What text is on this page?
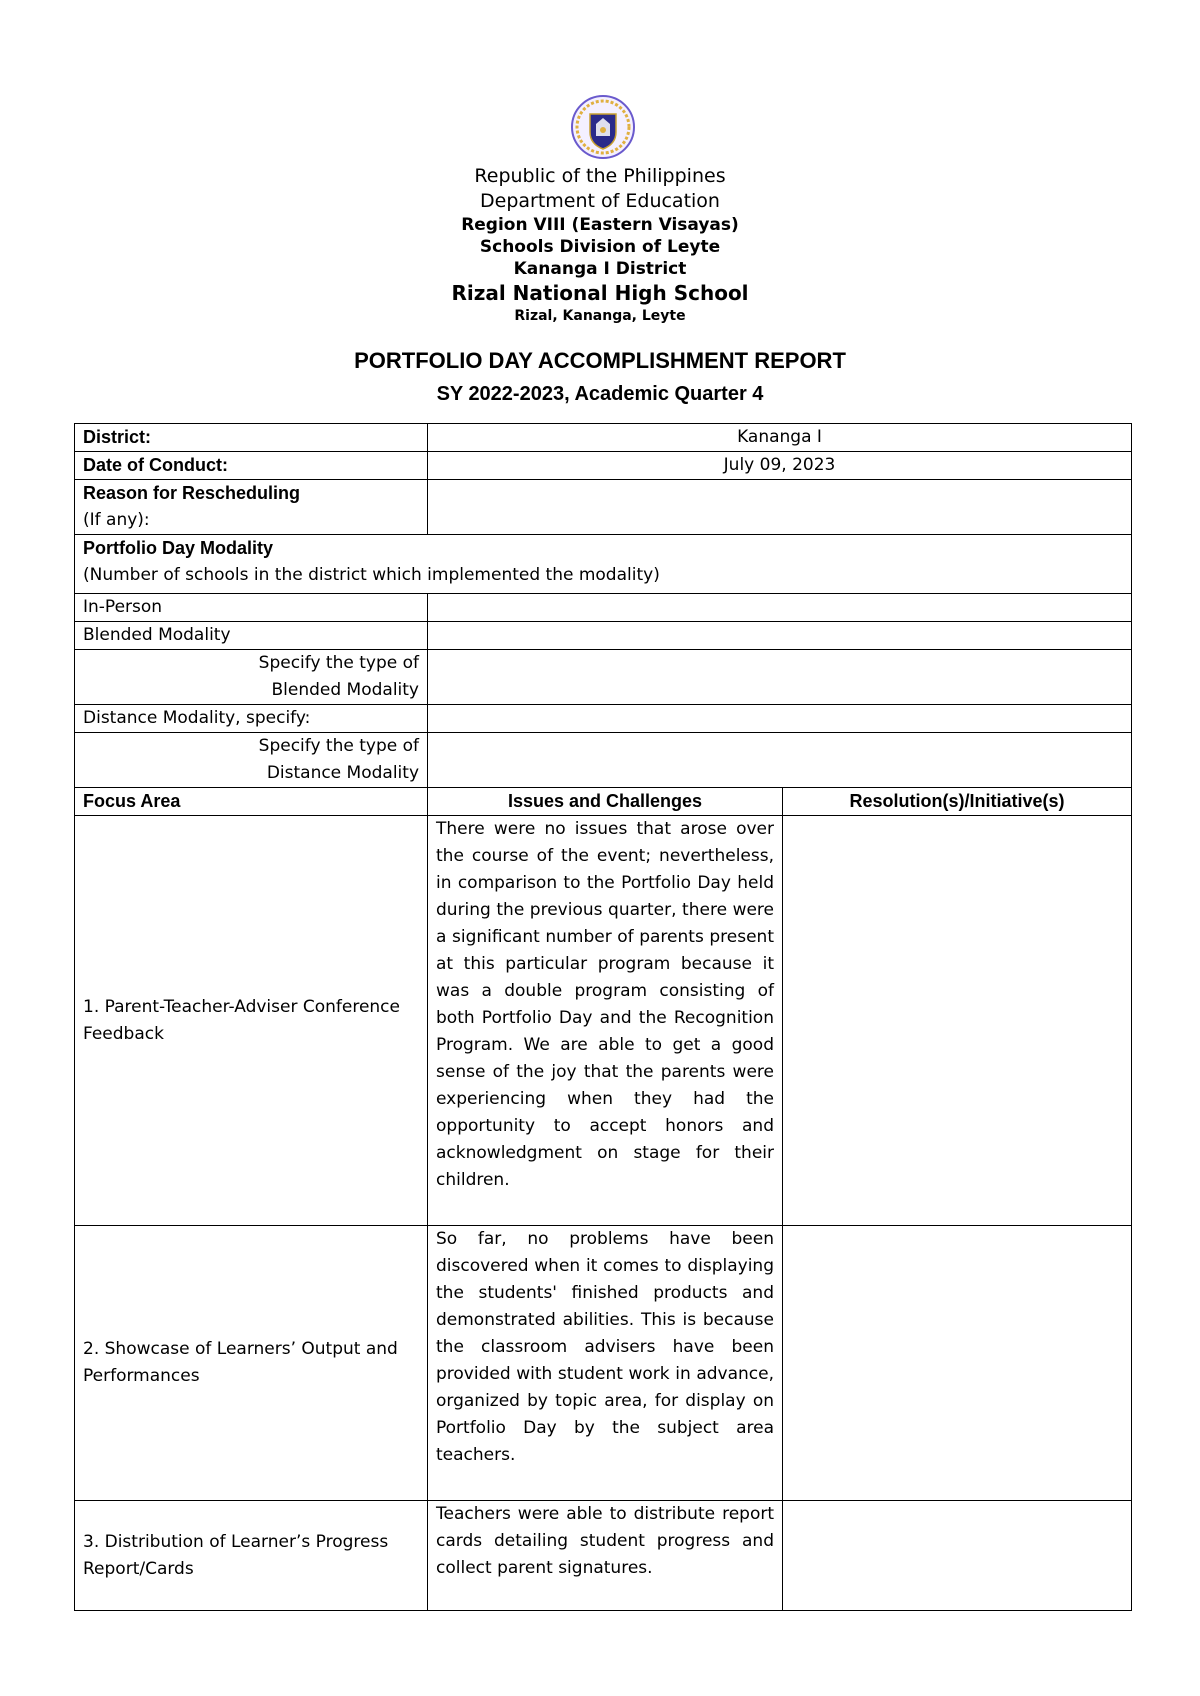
Republic of the Philippines
Department of Education
Region VIII (Eastern Visayas)
Schools Division of Leyte
Kananga I District
Rizal National High School
Rizal, Kananga, Leyte
PORTFOLIO DAY ACCOMPLISHMENT REPORT
SY 2022-2023, Academic Quarter 4
District:	Kananga I	
Date of Conduct:	July 09, 2023	

Reason for Rescheduling
(If any):		

Portfolio Day Modality
(Number of schools in the district which implemented the modality)		

In-Person		
Blended Modality		

Specify the type of
Blended Modality		

Distance Modality, specify:		

Specify the type of
Distance Modality		

Focus Area	Issues and Challenges	Resolution(s)/Initiative(s)
1. Parent-Teacher-Adviser Conference Feedback	There were no issues that arose over the course of the event; nevertheless, in comparison to the Portfolio Day held during the previous quarter, there were a significant number of parents present at this particular program because it was a double program consisting of both Portfolio Day and the Recognition Program. We are able to get a good sense of the joy that the parents were experiencing when they had the opportunity to accept honors and acknowledgment on stage for their children.	
2. Showcase of Learners’ Output and Performances	So far, no problems have been discovered when it comes to displaying the students' finished products and demonstrated abilities. This is because the classroom advisers have been provided with student work in advance, organized by topic area, for display on Portfolio Day by the subject area teachers.	
3. Distribution of Learner’s Progress Report/Cards	Teachers were able to distribute report cards detailing student progress and collect parent signatures.	
